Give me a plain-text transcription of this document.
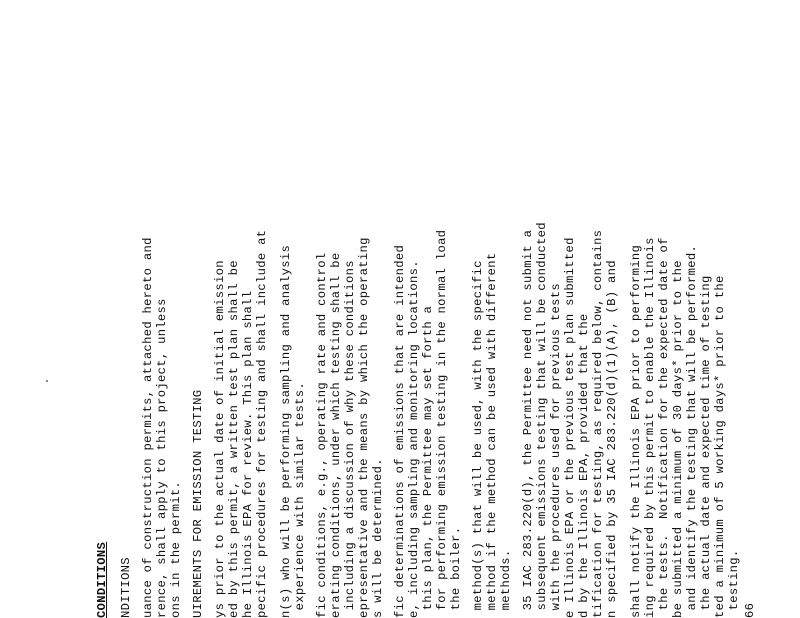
CONDITIONS NDITIONS uance of construction permits, attached hereto and rence, shall apply to this project, unless ons in the permit. UIREMENTS FOR EMISSION TESTING ys prior to the actual date of initial emission ed by this permit, a written test plan shall be he Illinois EPA for review. This plan shall pecific procedures for testing and shall include at n(s) who will be performing sampling and analysis experience with similar tests. fic conditions, e.g., operating rate and control erating conditions, under which testing shall be including a discussion of why these conditions epresentative and the means by which the operating s will be determined. fic determinations of emissions that are intended e, including sampling and monitoring locations. this plan, the Permittee may set forth a for performing emission testing in the normal load the boiler. method(s) that will be used, with the specific method if the method can be used with different methods. 35 IAC 283.220(d), the Permittee need not submit a subsequent emissions testing that will be conducted with the procedures used for previous tests e Illinois EPA or the previous test plan submitted d by the Illinois EPA, provided that the tification for testing, as required below, contains n specified by 35 IAC 283.220(d)(1)(A), (B) and shall notify the Illinois EPA prior to performing ing required by this permit to enable the Illinois the tests.  Notification for the expected date of be submitted a minimum of 30 days* prior to the and identify the testing that will be performed. the actual date and expected time of testing ted a minimum of 5 working days* prior to the testing. 66
